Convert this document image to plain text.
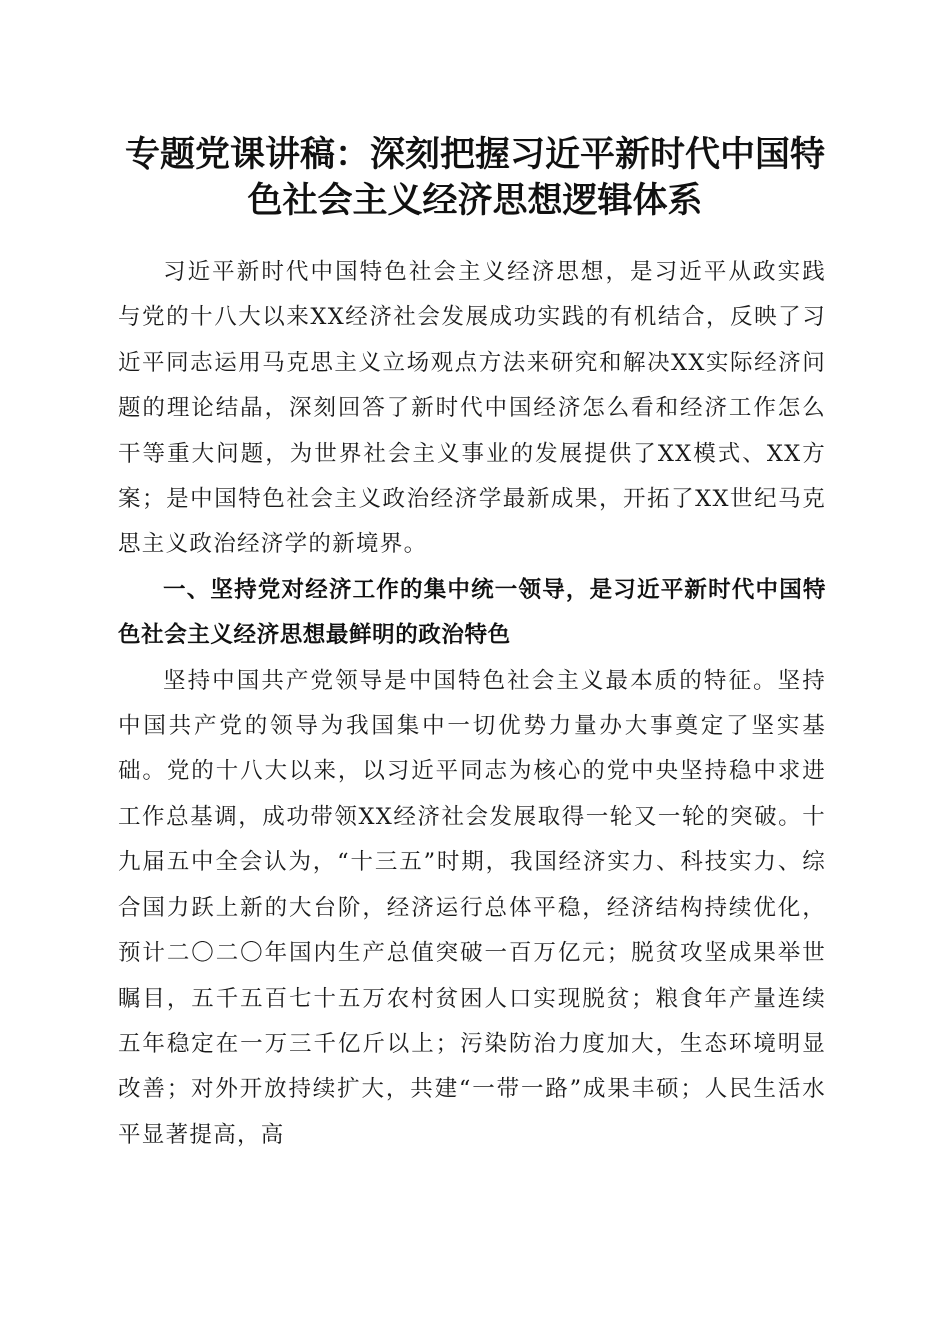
专题党课讲稿：深刻把握习近平新时代中国特
色社会主义经济思想逻辑体系

习近平新时代中国特色社会主义经济思想，是习近平从政实践与党的十八大以来XX经济社会发展成功实践的有机结合，反映了习近平同志运用马克思主义立场观点方法来研究和解决XX实际经济问题的理论结晶，深刻回答了新时代中国经济怎么看和经济工作怎么干等重大问题，为世界社会主义事业的发展提供了XX模式、XX方案；是中国特色社会主义政治经济学最新成果，开拓了XX世纪马克思主义政治经济学的新境界。

一、坚持党对经济工作的集中统一领导，是习近平新时代中国特色社会主义经济思想最鲜明的政治特色

坚持中国共产党领导是中国特色社会主义最本质的特征。坚持中国共产党的领导为我国集中一切优势力量办大事奠定了坚实基础。党的十八大以来，以习近平同志为核心的党中央坚持稳中求进工作总基调，成功带领XX经济社会发展取得一轮又一轮的突破。十九届五中全会认为，“十三五”时期，我国经济实力、科技实力、综合国力跃上新的大台阶，经济运行总体平稳，经济结构持续优化，预计二〇二〇年国内生产总值突破一百万亿元；脱贫攻坚成果举世瞩目，五千五百七十五万农村贫困人口实现脱贫；粮食年产量连续五年稳定在一万三千亿斤以上；污染防治力度加大，生态环境明显改善；对外开放持续扩大，共建“一带一路”成果丰硕；人民生活水平显著提高，高
